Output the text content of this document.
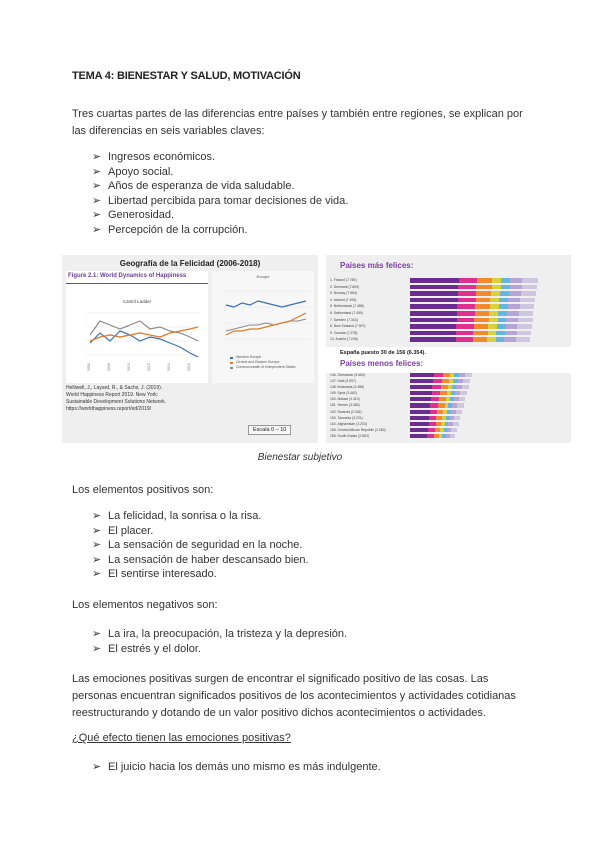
TEMA 4: BIENESTAR Y SALUD, MOTIVACIÓN
Tres cuartas partes de las diferencias entre países y también entre regiones, se explican por
las diferencias en seis variables claves:
➢ Ingresos económicos.
➢ Apoyo social.
➢ Años de esperanza de vida saludable.
➢ Libertad percibida para tomar decisiones de vida.
➢ Generosidad.
➢ Percepción de la corrupción.
Geografía de la Felicidad (2006-2018)
Figure 2.1: World Dynamics of Happiness
Cantril Ladder
2006	2008	2010	2012	2014	2016
Europe
Western Europe
Central and Eastern Europe
Commonwealth of Independent States
Helliwell, J., Layard, R., & Sachs, J. (2019).
World Happiness Report 2019. New York:
Sustainable Development Solutions Network.
https://worldhappiness.report/ed/2019/
Escala 0 – 10
Países más felices:
1. Finland (7.769)
2. Denmark (7.600)
3. Norway (7.554)
4. Iceland (7.494)
5. Netherlands (7.488)
6. Switzerland (7.480)
7. Sweden (7.343)
8. New Zealand (7.307)
9. Canada (7.278)
10. Austria (7.246)
España puesto 30 de 156 (6.354).
Países menos felices:
146. Zimbabwe (3.663)
147. Haiti (3.597)
148. Botswana (3.488)
149. Syria (3.462)
150. Malawi (3.410)
151. Yemen (3.380)
152. Rwanda (3.334)
153. Tanzania (3.231)
154. Afghanistan (3.203)
155. Central African Republic (3.083)
156. South Sudan (2.853)
Bienestar subjetivo
Los elementos positivos son:
➢ La felicidad, la sonrisa o la risa.
➢ El placer.
➢ La sensación de seguridad en la noche.
➢ La sensación de haber descansado bien.
➢ El sentirse interesado.
Los elementos negativos son:
➢ La ira, la preocupación, la tristeza y la depresión.
➢ El estrés y el dolor.
Las emociones positivas surgen de encontrar el significado positivo de las cosas. Las
personas encuentran significados positivos de los acontecimientos y actividades cotidianas
reestructurando y dotando de un valor positivo dichos acontecimientos o actividades.
¿Qué efecto tienen las emociones positivas?
➢ El juicio hacia los demás uno mismo es más indulgente.
